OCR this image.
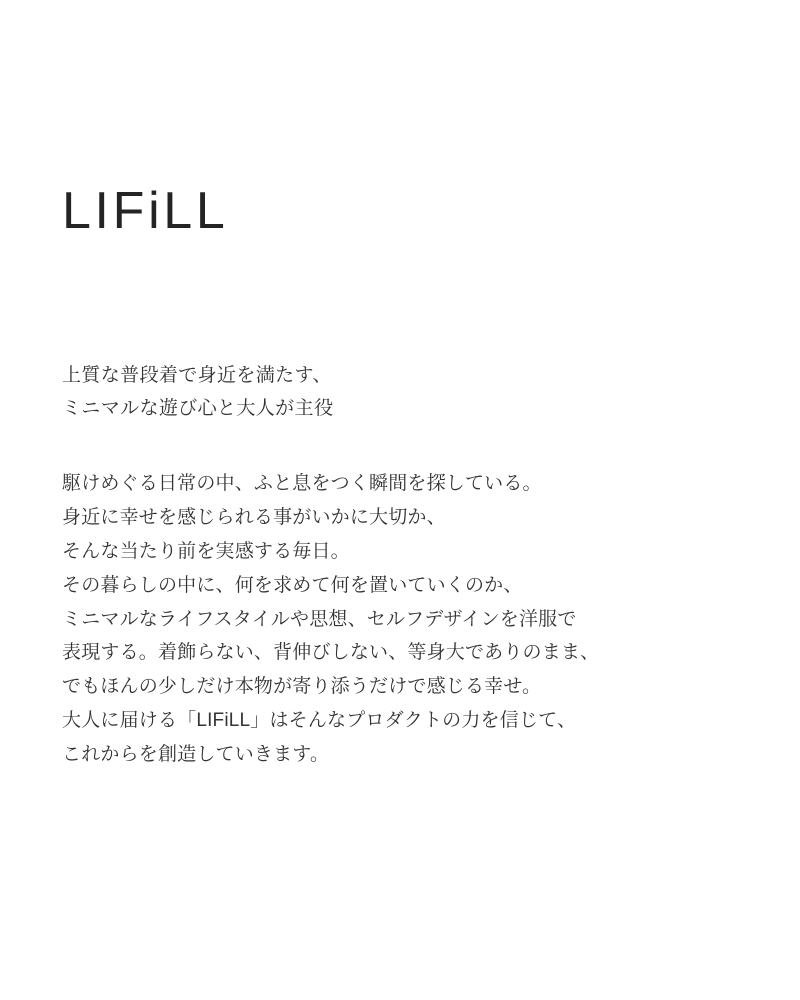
LIFiLL

上質な普段着で身近を満たす、
ミニマルな遊び心と大人が主役

駆けめぐる日常の中、ふと息をつく瞬間を探している。
身近に幸せを感じられる事がいかに大切か、
そんな当たり前を実感する毎日。
その暮らしの中に、何を求めて何を置いていくのか、
ミニマルなライフスタイルや思想、セルフデザインを洋服で
表現する。着飾らない、背伸びしない、等身大でありのまま、
でもほんの少しだけ本物が寄り添うだけで感じる幸せ。
大人に届ける「LIFiLL」はそんなプロダクトの力を信じて、
これからを創造していきます。
